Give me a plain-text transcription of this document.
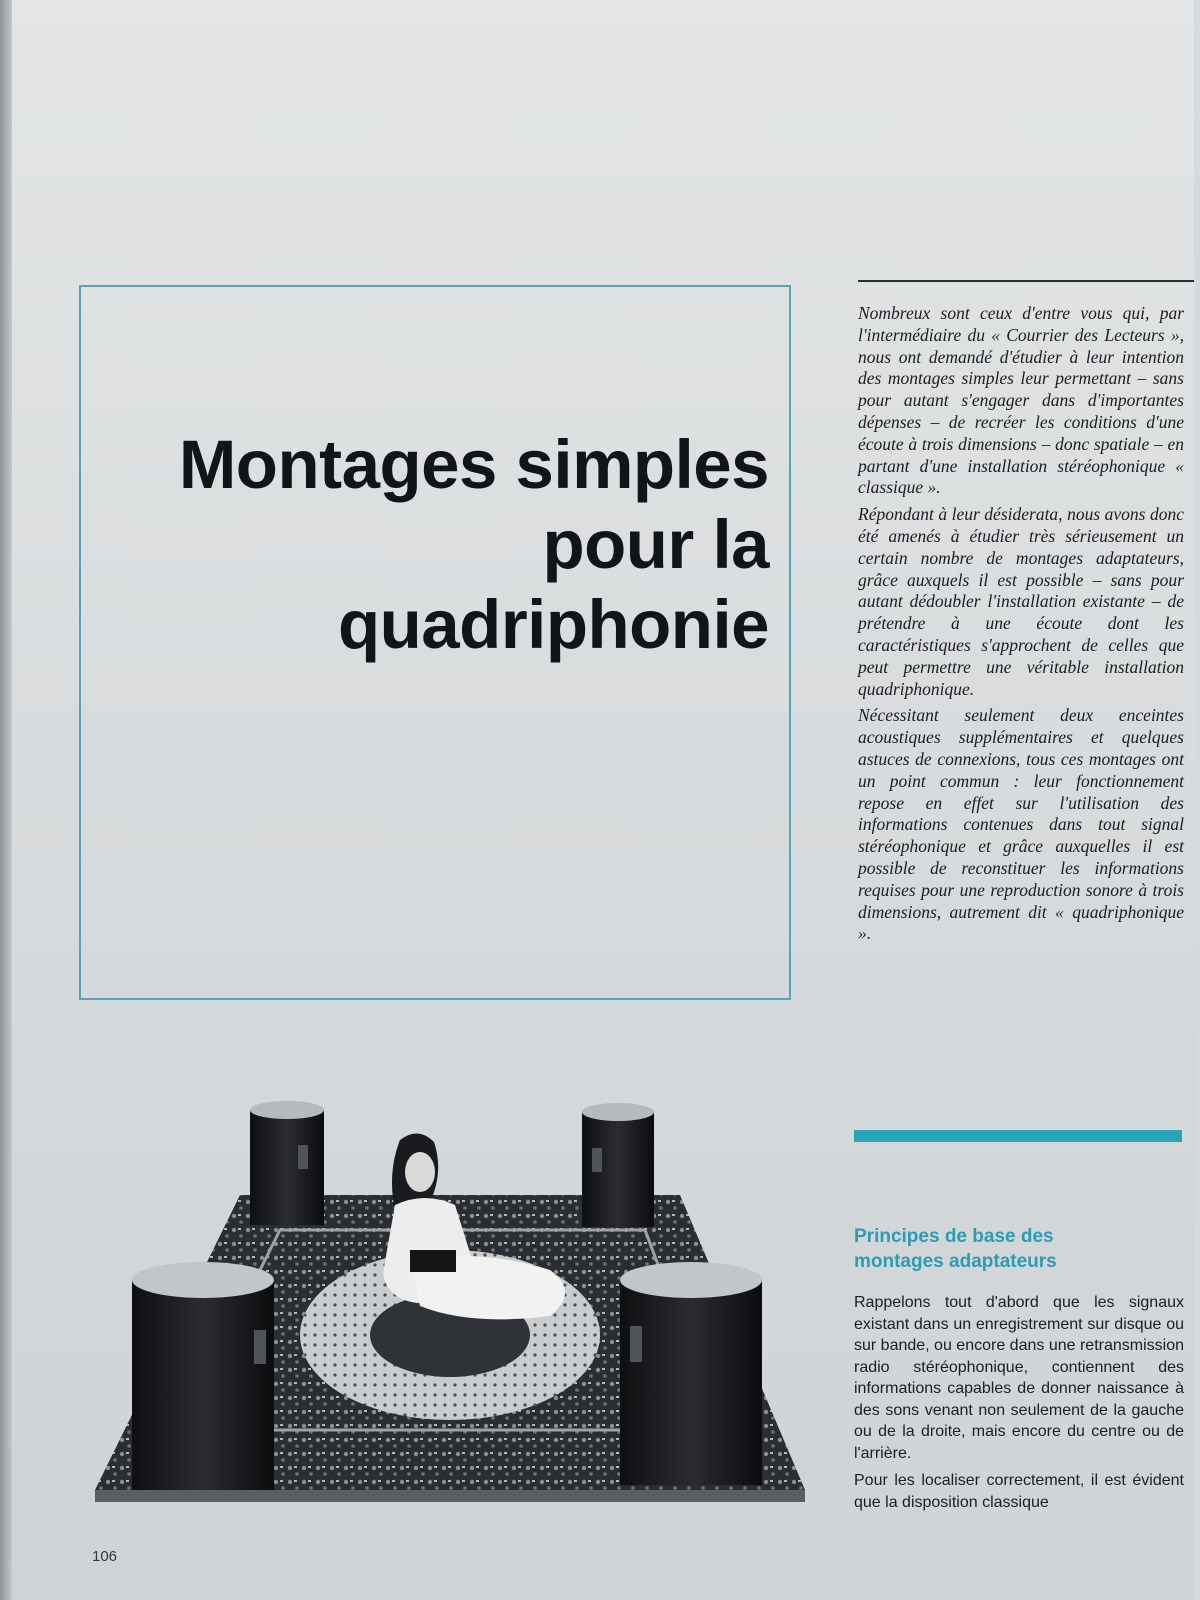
Montages simples
pour la
quadriphonie

Nombreux sont ceux d'entre vous qui, par l'intermédiaire du « Courrier des Lecteurs », nous ont demandé d'étudier à leur intention des montages simples leur permettant – sans pour autant s'engager dans d'importantes dépenses – de recréer les conditions d'une écoute à trois dimensions – donc spatiale – en partant d'une installation stéréophonique « classique ».

Répondant à leur désiderata, nous avons donc été amenés à étudier très sérieusement un certain nombre de montages adaptateurs, grâce auxquels il est possible – sans pour autant dédoubler l'installation existante – de prétendre à une écoute dont les caractéristiques s'approchent de celles que peut permettre une véritable installation quadriphonique.

Nécessitant seulement deux enceintes acoustiques supplémentaires et quelques astuces de connexions, tous ces montages ont un point commun : leur fonctionnement repose en effet sur l'utilisation des informations contenues dans tout signal stéréophonique et grâce auxquelles il est possible de reconstituer les informations requises pour une reproduction sonore à trois dimensions, autrement dit « quadriphonique ».

Principes de base des
montages adaptateurs

Rappelons tout d'abord que les signaux existant dans un enregistrement sur disque ou sur bande, ou encore dans une retransmission radio stéréophonique, contiennent des informations capables de donner naissance à des sons venant non seulement de la gauche ou de la droite, mais encore du centre ou de l'arrière.

Pour les localiser correctement, il est évident que la disposition classique

106
